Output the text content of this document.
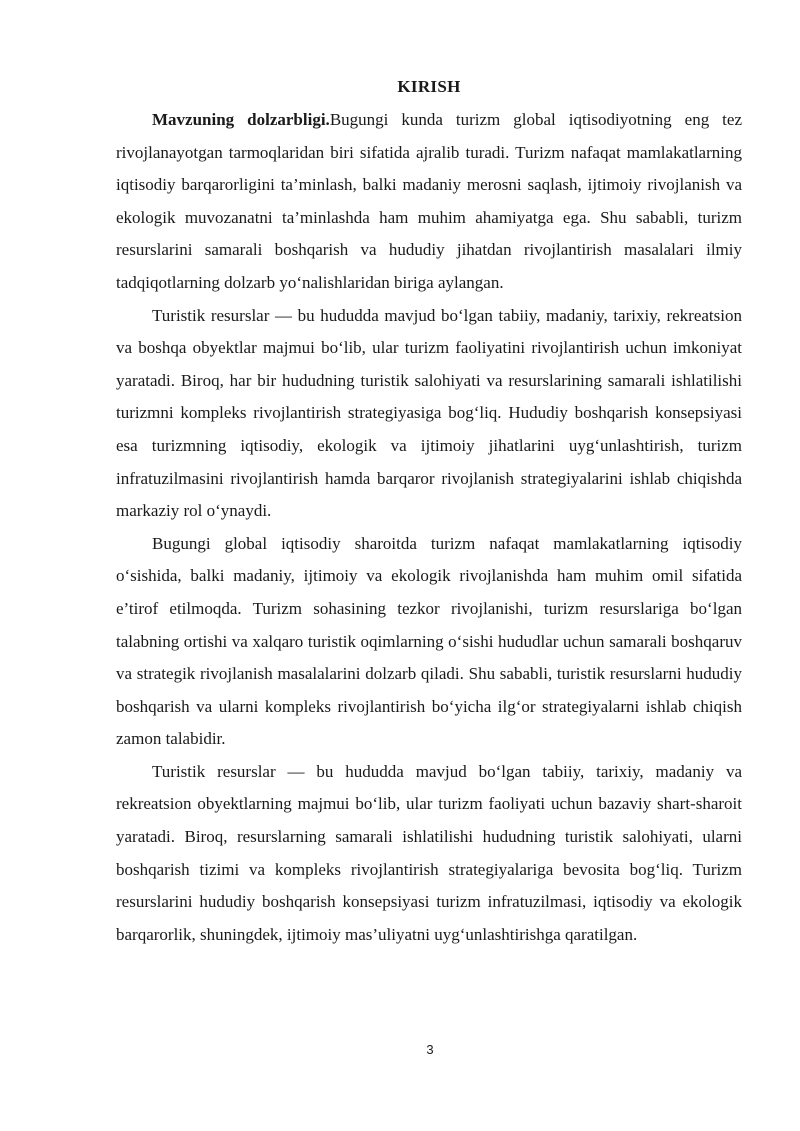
KIRISH

Mavzuning dolzarbligi.Bugungi kunda turizm global iqtisodiyotning eng tez rivojlanayotgan tarmoqlaridan biri sifatida ajralib turadi. Turizm nafaqat mamlakatlarning iqtisodiy barqarorligini ta’minlash, balki madaniy merosni saqlash, ijtimoiy rivojlanish va ekologik muvozanatni ta’minlashda ham muhim ahamiyatga ega. Shu sababli, turizm resurslarini samarali boshqarish va hududiy jihatdan rivojlantirish masalalari ilmiy tadqiqotlarning dolzarb yo‘nalishlaridan biriga aylangan.

Turistik resurslar — bu hududda mavjud bo‘lgan tabiiy, madaniy, tarixiy, rekreatsion va boshqa obyektlar majmui bo‘lib, ular turizm faoliyatini rivojlantirish uchun imkoniyat yaratadi. Biroq, har bir hududning turistik salohiyati va resurslarining samarali ishlatilishi turizmni kompleks rivojlantirish strategiyasiga bog‘liq. Hududiy boshqarish konsepsiyasi esa turizmning iqtisodiy, ekologik va ijtimoiy jihatlarini uyg‘unlashtirish, turizm infratuzilmasini rivojlantirish hamda barqaror rivojlanish strategiyalarini ishlab chiqishda markaziy rol o‘ynaydi.

Bugungi global iqtisodiy sharoitda turizm nafaqat mamlakatlarning iqtisodiy o‘sishida, balki madaniy, ijtimoiy va ekologik rivojlanishda ham muhim omil sifatida e’tirof etilmoqda. Turizm sohasining tezkor rivojlanishi, turizm resurslariga bo‘lgan talabning ortishi va xalqaro turistik oqimlarning o‘sishi hududlar uchun samarali boshqaruv va strategik rivojlanish masalalarini dolzarb qiladi. Shu sababli, turistik resurslarni hududiy boshqarish va ularni kompleks rivojlantirish bo‘yicha ilg‘or strategiyalarni ishlab chiqish zamon talabidir.

Turistik resurslar — bu hududda mavjud bo‘lgan tabiiy, tarixiy, madaniy va rekreatsion obyektlarning majmui bo‘lib, ular turizm faoliyati uchun bazaviy shart-sharoit yaratadi. Biroq, resurslarning samarali ishlatilishi hududning turistik salohiyati, ularni boshqarish tizimi va kompleks rivojlantirish strategiyalariga bevosita bog‘liq. Turizm resurslarini hududiy boshqarish konsepsiyasi turizm infratuzilmasi, iqtisodiy va ekologik barqarorlik, shuningdek, ijtimoiy mas’uliyatni uyg‘unlashtirishga qaratilgan.

3
